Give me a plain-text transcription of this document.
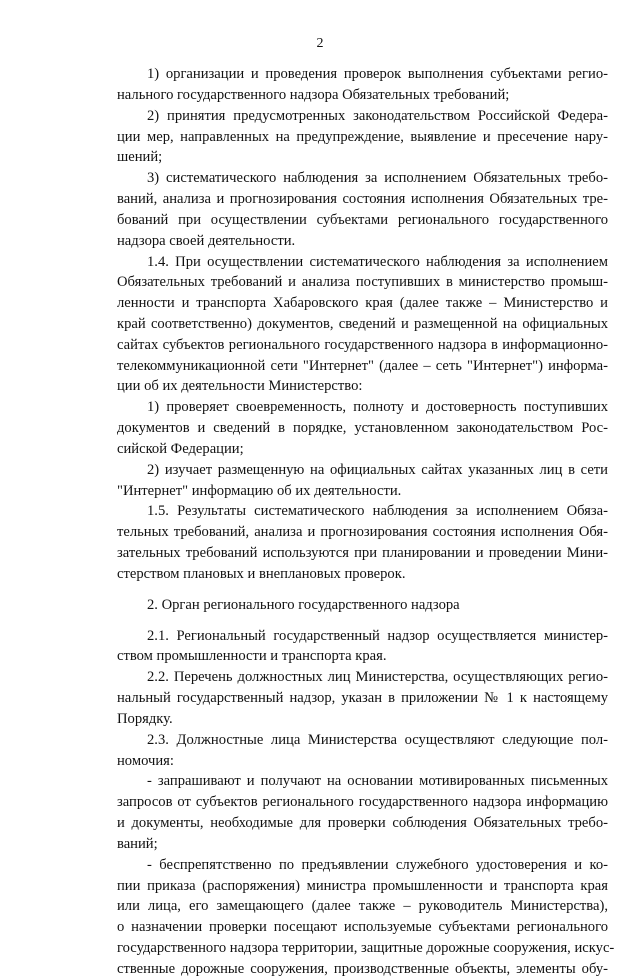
2
1) организации и проведения проверок выполнения субъектами регио-
нального государственного надзора Обязательных требований;
2) принятия предусмотренных законодательством Российской Федера-
ции мер, направленных на предупреждение, выявление и пресечение нару-
шений;
3) систематического наблюдения за исполнением Обязательных требо-
ваний, анализа и прогнозирования состояния исполнения Обязательных тре-
бований при осуществлении субъектами регионального государственного
надзора своей деятельности.
1.4. При осуществлении систематического наблюдения за исполнением
Обязательных требований и анализа поступивших в министерство промыш-
ленности и транспорта Хабаровского края (далее также – Министерство и
край соответственно) документов, сведений и размещенной на официальных
сайтах субъектов регионального государственного надзора в информационно-
телекоммуникационной сети "Интернет" (далее – сеть "Интернет") информа-
ции об их деятельности Министерство:
1) проверяет своевременность, полноту и достоверность поступивших
документов и сведений в порядке, установленном законодательством Рос-
сийской Федерации;
2) изучает размещенную на официальных сайтах указанных лиц в сети
"Интернет" информацию об их деятельности.
1.5. Результаты систематического наблюдения за исполнением Обяза-
тельных требований, анализа и прогнозирования состояния исполнения Обя-
зательных требований используются при планировании и проведении Мини-
стерством плановых и внеплановых проверок.
2. Орган регионального государственного надзора
2.1. Региональный государственный надзор осуществляется министер-
ством промышленности и транспорта края.
2.2. Перечень должностных лиц Министерства, осуществляющих регио-
нальный государственный надзор, указан в приложении № 1 к настоящему
Порядку.
2.3. Должностные лица Министерства осуществляют следующие пол-
номочия:
- запрашивают и получают на основании мотивированных письменных
запросов от субъектов регионального государственного надзора информацию
и документы, необходимые для проверки соблюдения Обязательных требо-
ваний;
- беспрепятственно по предъявлении служебного удостоверения и ко-
пии приказа (распоряжения) министра промышленности и транспорта края
или лица, его замещающего (далее также – руководитель Министерства),
о назначении проверки посещают используемые субъектами регионального
государственного надзора территории, защитные дорожные сооружения, искус-
ственные дорожные сооружения, производственные объекты, элементы обу-
